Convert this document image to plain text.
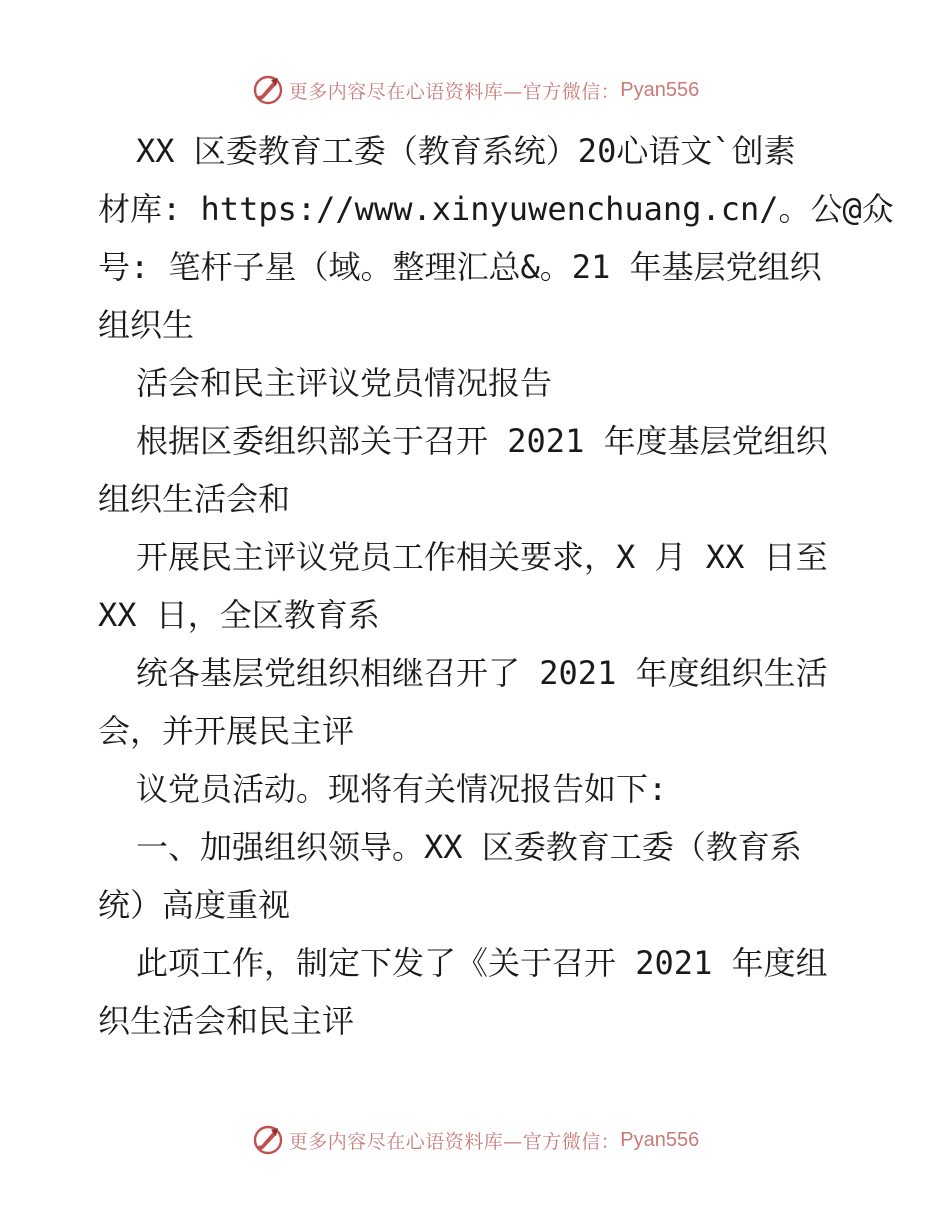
更多内容尽在心语资料库—官方微信： Pyan556
XX 区委教育工委（教育系统）20心语文`创素
材库: https://www.xinyuwenchuang.cn/。公@众
号: 笔杆子星（域。整理汇总&。21 年基层党组织
组织生
活会和民主评议党员情况报告
根据区委组织部关于召开 2021 年度基层党组织
组织生活会和
开展民主评议党员工作相关要求，X 月 XX 日至
XX 日，全区教育系
统各基层党组织相继召开了 2021 年度组织生活
会，并开展民主评
议党员活动。现将有关情况报告如下:
一、加强组织领导。XX 区委教育工委（教育系
统）高度重视
此项工作，制定下发了《关于召开 2021 年度组
织生活会和民主评
更多内容尽在心语资料库—官方微信： Pyan556
